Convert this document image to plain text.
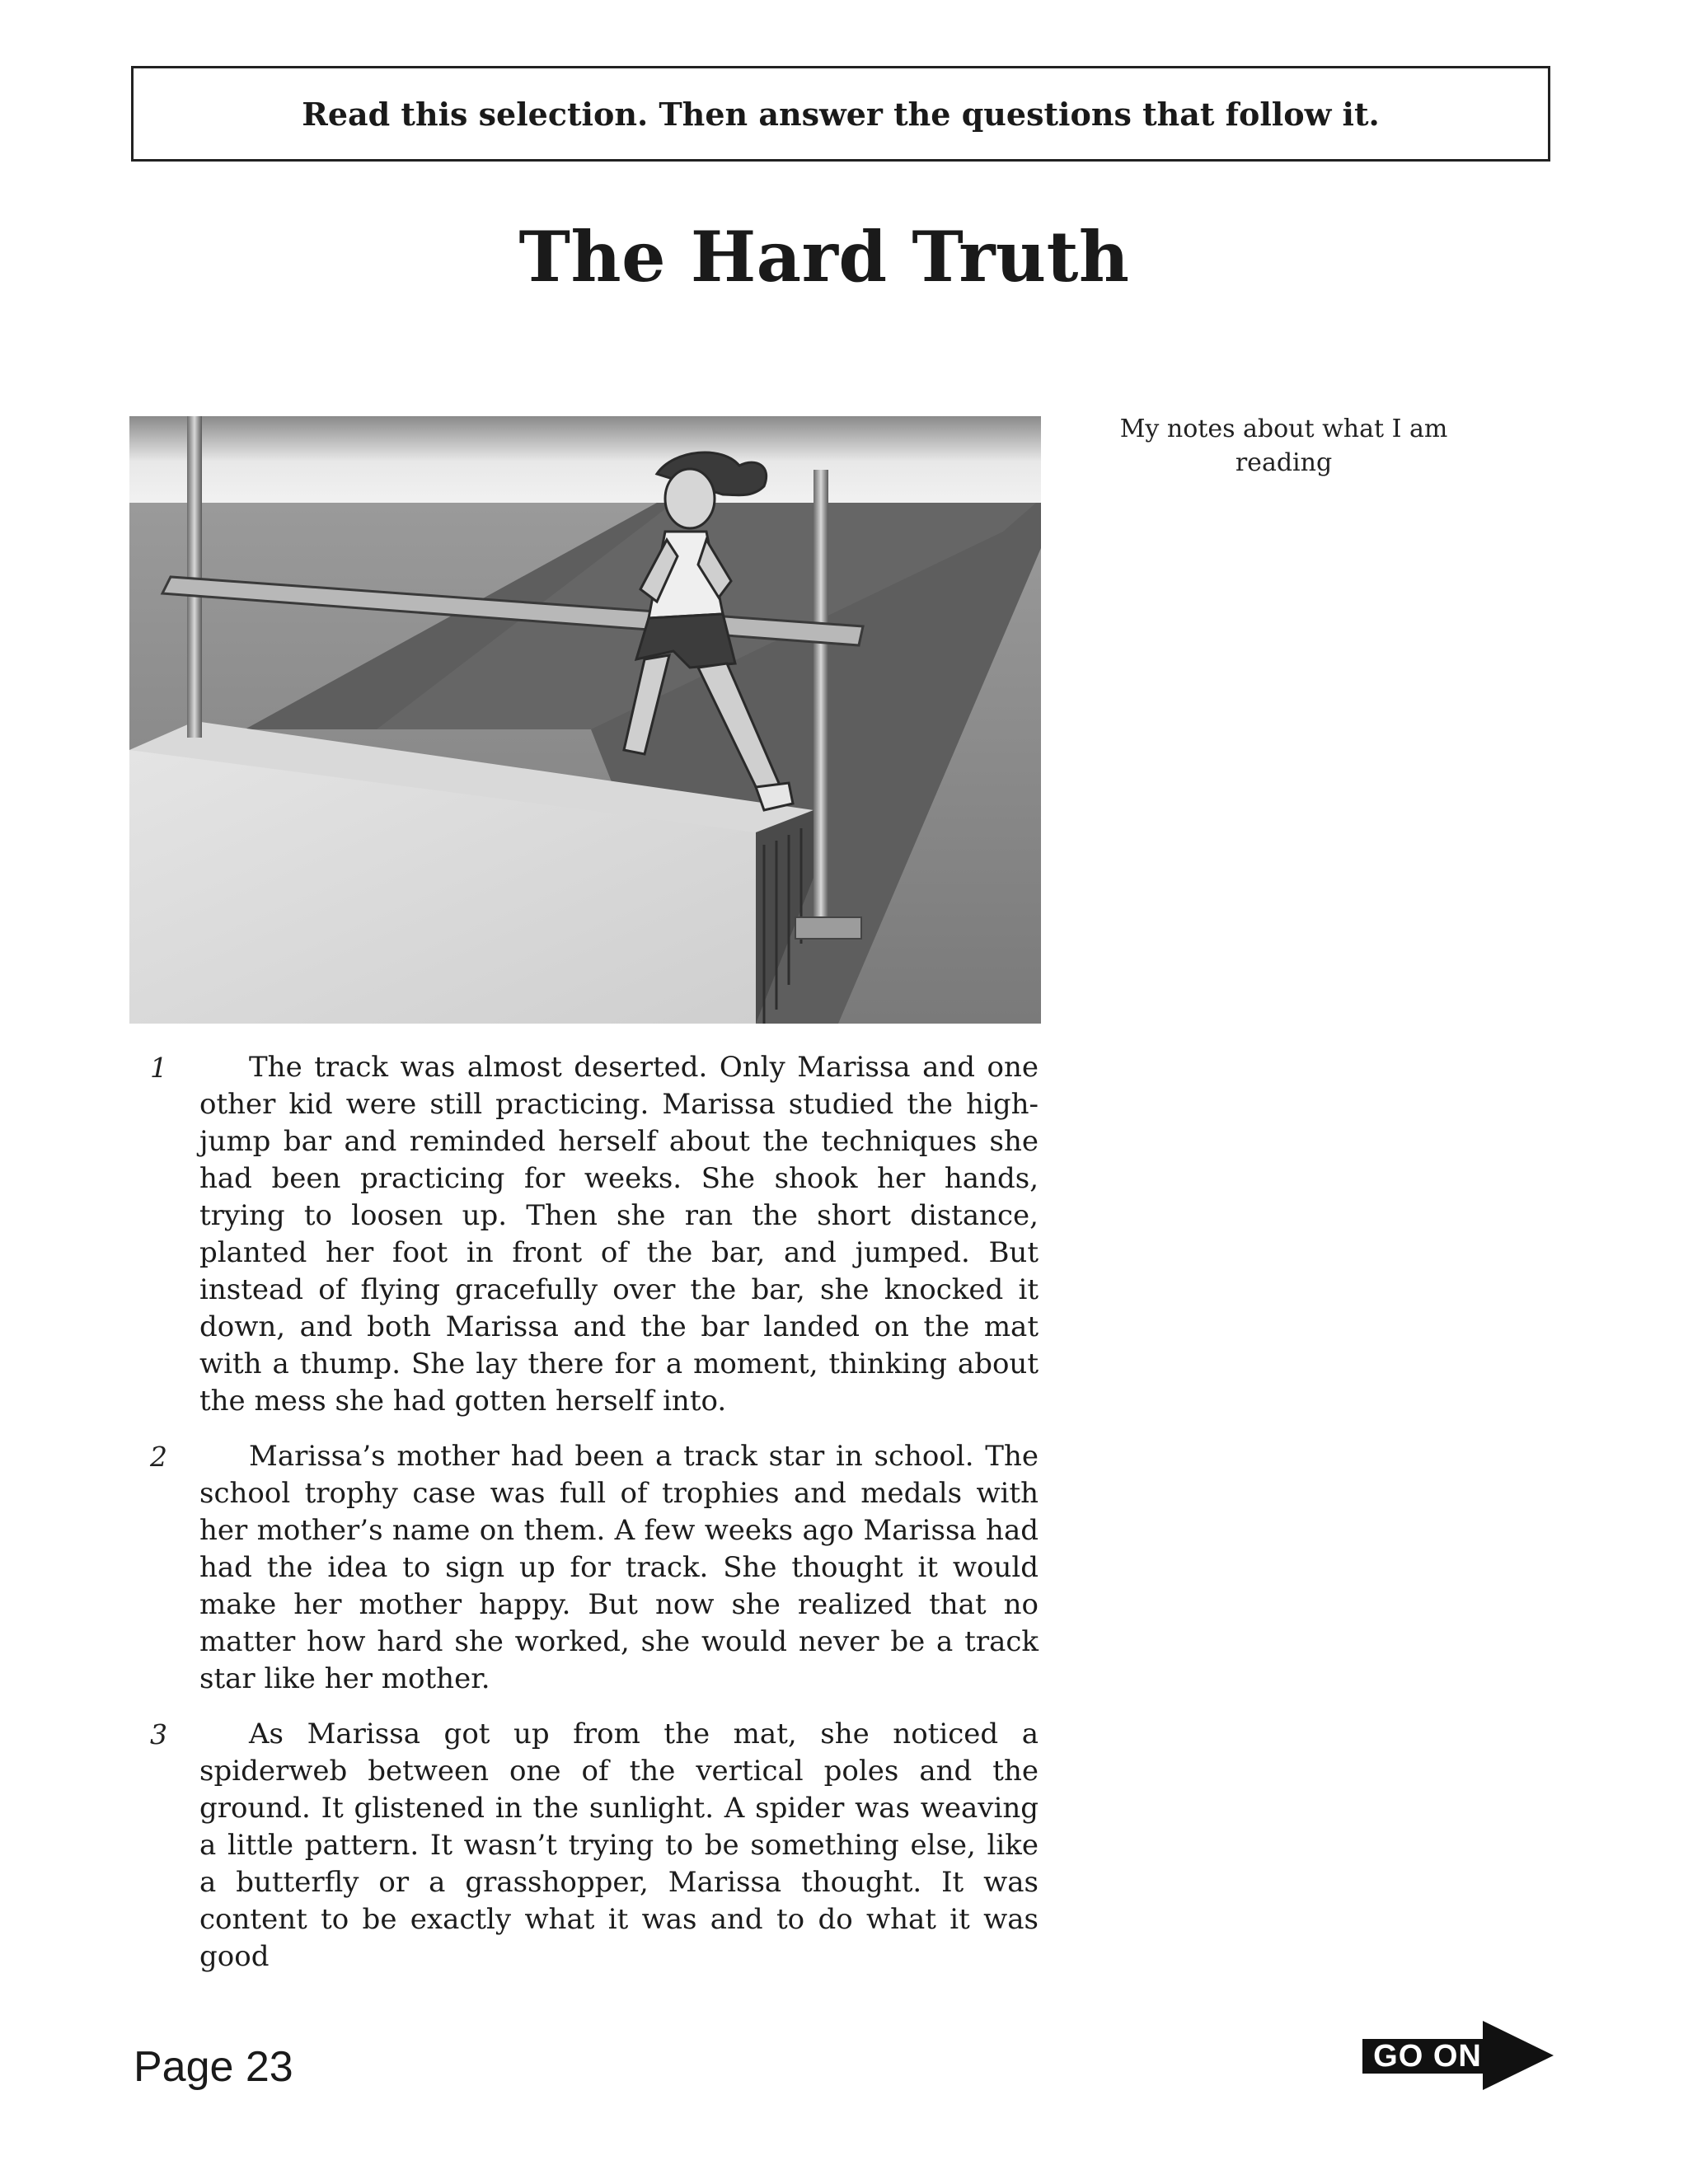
Read this selection. Then answer the questions that follow it.
The Hard Truth
My notes about what I am reading
1	The track was almost deserted. Only Marissa and one other kid were still practicing. Marissa studied the high-jump bar and reminded herself about the techniques she had been practicing for weeks. She shook her hands, trying to loosen up. Then she ran the short distance, planted her foot in front of the bar, and jumped. But instead of flying gracefully over the bar, she knocked it down, and both Marissa and the bar landed on the mat with a thump. She lay there for a moment, thinking about the mess she had gotten herself into.
2	Marissa’s mother had been a track star in school. The school trophy case was full of trophies and medals with her mother’s name on them. A few weeks ago Marissa had had the idea to sign up for track. She thought it would make her mother happy. But now she realized that no matter how hard she worked, she would never be a track star like her mother.
3	As Marissa got up from the mat, she noticed a spiderweb between one of the vertical poles and the ground. It glistened in the sunlight. A spider was weaving a little pattern. It wasn’t trying to be something else, like a butterfly or a grasshopper, Marissa thought. It was content to be exactly what it was and to do what it was good
Page 23	GO ON
